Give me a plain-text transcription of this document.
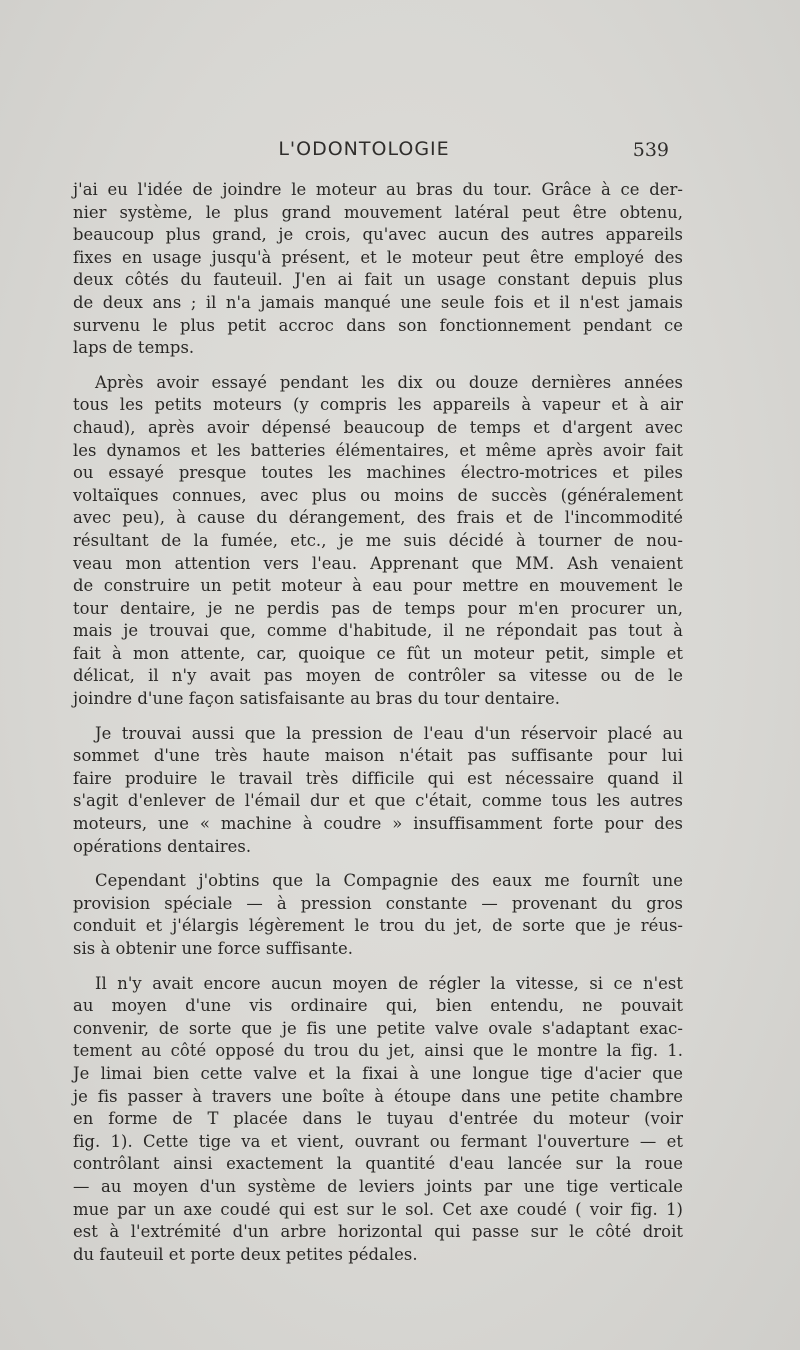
L'ODONTOLOGIE	539
j'ai eu l'idée de joindre le moteur au bras du tour. Grâce à ce der-
nier système, le plus grand mouvement latéral peut être obtenu,
beaucoup plus grand, je crois, qu'avec aucun des autres appareils
fixes en usage jusqu'à présent, et le moteur peut être employé des
deux côtés du fauteuil. J'en ai fait un usage constant depuis plus
de deux ans ; il n'a jamais manqué une seule fois et il n'est jamais
survenu le plus petit accroc dans son fonctionnement pendant ce
laps de temps.
Après avoir essayé pendant les dix ou douze dernières années
tous les petits moteurs (y compris les appareils à vapeur et à air
chaud), après avoir dépensé beaucoup de temps et d'argent avec
les dynamos et les batteries élémentaires, et même après avoir fait
ou essayé presque toutes les machines électro-motrices et piles
voltaïques connues, avec plus ou moins de succès (généralement
avec peu), à cause du dérangement, des frais et de l'incommodité
résultant de la fumée, etc., je me suis décidé à tourner de nou-
veau mon attention vers l'eau. Apprenant que MM. Ash venaient
de construire un petit moteur à eau pour mettre en mouvement le
tour dentaire, je ne perdis pas de temps pour m'en procurer un,
mais je trouvai que, comme d'habitude, il ne répondait pas tout à
fait à mon attente, car, quoique ce fût un moteur petit, simple et
délicat, il n'y avait pas moyen de contrôler sa vitesse ou de le
joindre d'une façon satisfaisante au bras du tour dentaire.
Je trouvai aussi que la pression de l'eau d'un réservoir placé au
sommet d'une très haute maison n'était pas suffisante pour lui
faire produire le travail très difficile qui est nécessaire quand il
s'agit d'enlever de l'émail dur et que c'était, comme tous les autres
moteurs, une « machine à coudre » insuffisamment forte pour des
opérations dentaires.
Cependant j'obtins que la Compagnie des eaux me fournît une
provision spéciale — à pression constante — provenant du gros
conduit et j'élargis légèrement le trou du jet, de sorte que je réus-
sis à obtenir une force suffisante.
Il n'y avait encore aucun moyen de régler la vitesse, si ce n'est
au moyen d'une vis ordinaire qui, bien entendu, ne pouvait
convenir, de sorte que je fis une petite valve ovale s'adaptant exac-
tement au côté opposé du trou du jet, ainsi que le montre la fig. 1.
Je limai bien cette valve et la fixai à une longue tige d'acier que
je fis passer à travers une boîte à étoupe dans une petite chambre
en forme de T placée dans le tuyau d'entrée du moteur (voir
fig. 1). Cette tige va et vient, ouvrant ou fermant l'ouverture — et
contrôlant ainsi exactement la quantité d'eau lancée sur la roue
— au moyen d'un système de leviers joints par une tige verticale
mue par un axe coudé qui est sur le sol. Cet axe coudé ( voir fig. 1)
est à l'extrémité d'un arbre horizontal qui passe sur le côté droit
du fauteuil et porte deux petites pédales.
